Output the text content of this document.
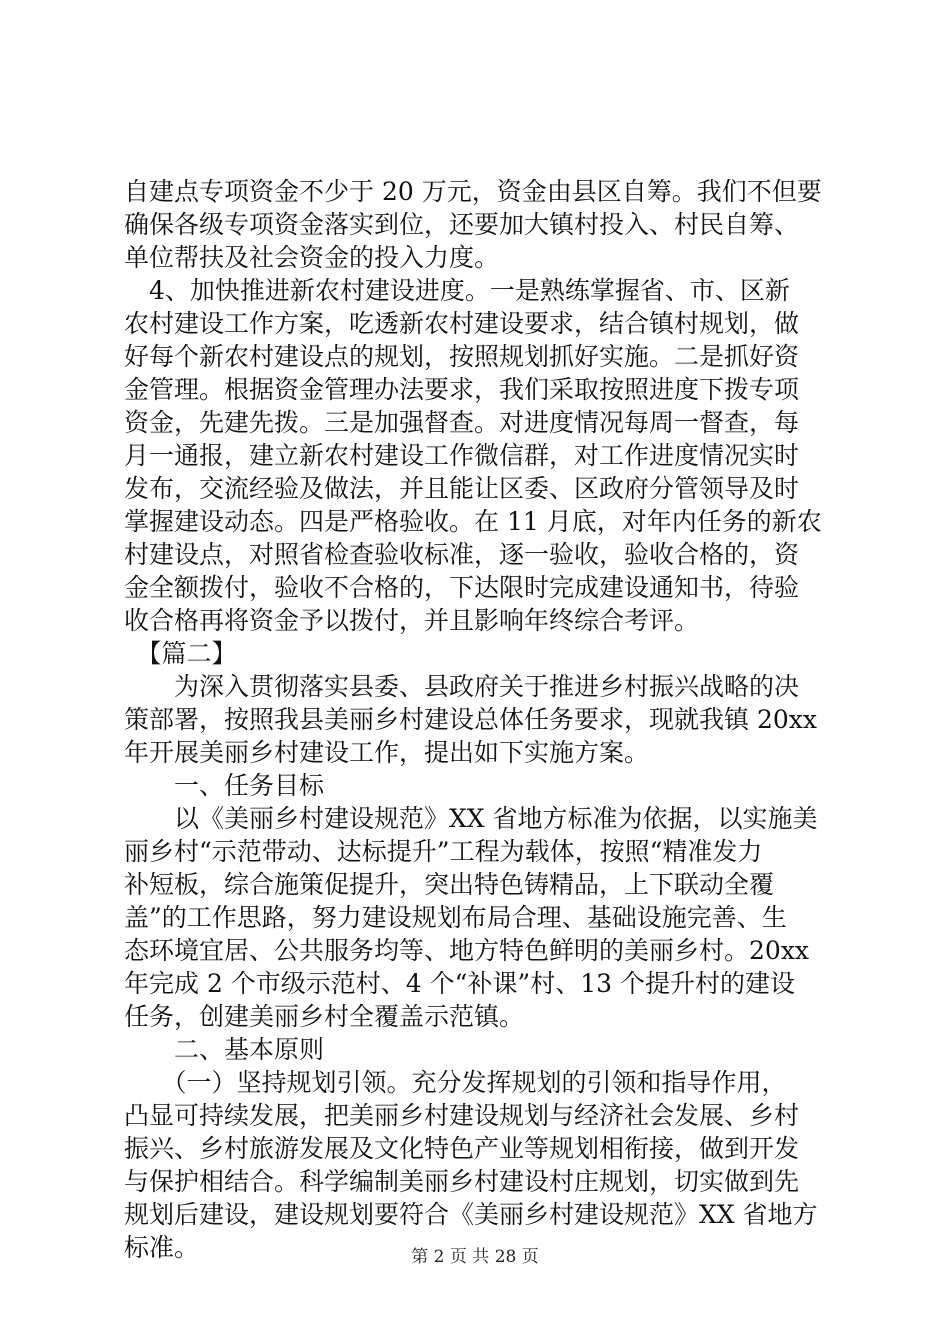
自建点专项资金不少于 20 万元，资金由县区自筹。我们不但要
确保各级专项资金落实到位，还要加大镇村投入、村民自筹、
单位帮扶及社会资金的投入力度。
　4、加快推进新农村建设进度。一是熟练掌握省、市、区新
农村建设工作方案，吃透新农村建设要求，结合镇村规划，做
好每个新农村建设点的规划，按照规划抓好实施。二是抓好资
金管理。根据资金管理办法要求，我们采取按照进度下拨专项
资金，先建先拨。三是加强督查。对进度情况每周一督查，每
月一通报，建立新农村建设工作微信群，对工作进度情况实时
发布，交流经验及做法，并且能让区委、区政府分管领导及时
掌握建设动态。四是严格验收。在 11 月底，对年内任务的新农
村建设点，对照省检查验收标准，逐一验收，验收合格的，资
金全额拨付，验收不合格的，下达限时完成建设通知书，待验
收合格再将资金予以拨付，并且影响年终综合考评。
　【篇二】
　　为深入贯彻落实县委、县政府关于推进乡村振兴战略的决
策部署，按照我县美丽乡村建设总体任务要求，现就我镇 20xx
年开展美丽乡村建设工作，提出如下实施方案。
　　一、任务目标
　　以《美丽乡村建设规范》XX 省地方标准为依据，以实施美
丽乡村“示范带动、达标提升”工程为载体，按照“精准发力
补短板，综合施策促提升，突出特色铸精品，上下联动全覆
盖”的工作思路，努力建设规划布局合理、基础设施完善、生
态环境宜居、公共服务均等、地方特色鲜明的美丽乡村。20xx
年完成 2 个市级示范村、4 个“补课”村、13 个提升村的建设
任务，创建美丽乡村全覆盖示范镇。
　　二、基本原则
　　（一）坚持规划引领。充分发挥规划的引领和指导作用，
凸显可持续发展，把美丽乡村建设规划与经济社会发展、乡村
振兴、乡村旅游发展及文化特色产业等规划相衔接，做到开发
与保护相结合。科学编制美丽乡村建设村庄规划，切实做到先
规划后建设，建设规划要符合《美丽乡村建设规范》XX 省地方
标准。	第 2 页 共 28 页
